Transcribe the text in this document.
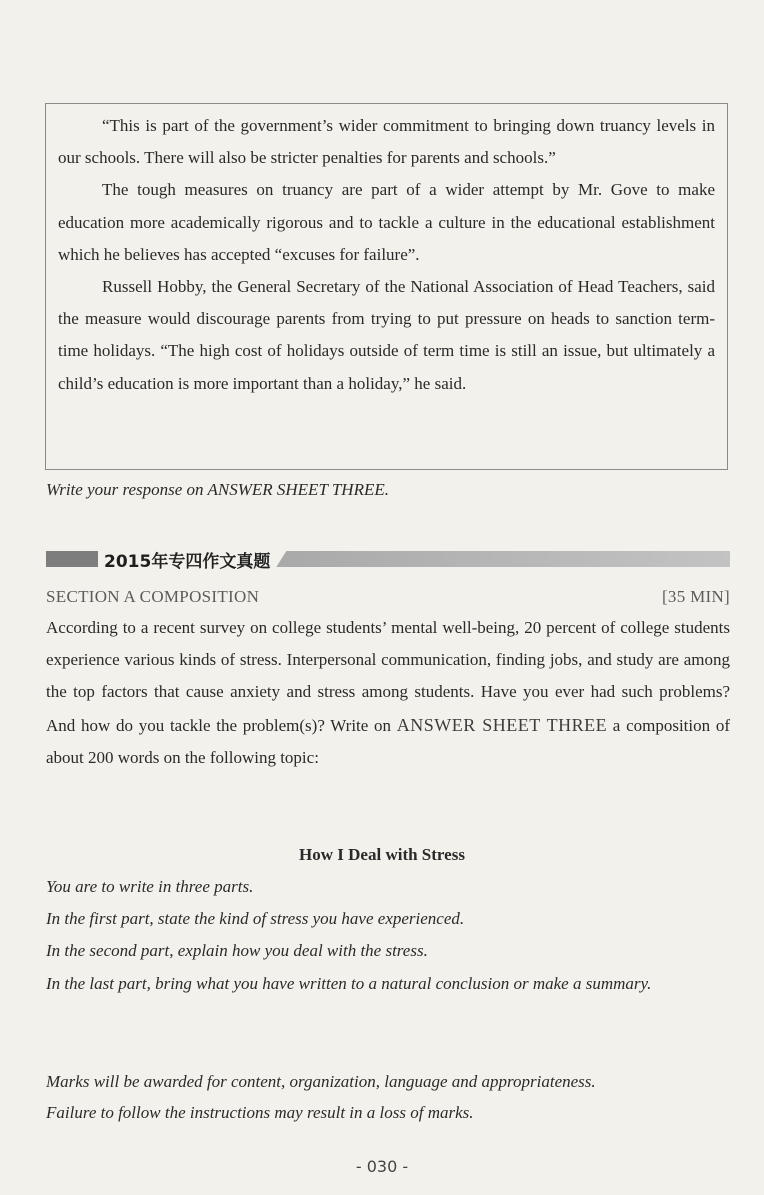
“This is part of the government’s wider commitment to bringing down truancy levels in our schools. There will also be stricter penalties for parents and schools.”

The tough measures on truancy are part of a wider attempt by Mr. Gove to make education more academically rigorous and to tackle a culture in the educational establishment which he believes has accepted “excuses for failure”.

Russell Hobby, the General Secretary of the National Association of Head Teachers, said the measure would discourage parents from trying to put pressure on heads to sanction term-time holidays. “The high cost of holidays outside of term time is still an issue, but ultimately a child’s education is more important than a holiday,” he said.

Write your response on ANSWER SHEET THREE.

2015年专四作文真题
SECTION A COMPOSITION	[35 MIN]

According to a recent survey on college students’ mental well-being, 20 percent of college students experience various kinds of stress. Interpersonal communication, finding jobs, and study are among the top factors that cause anxiety and stress among students. Have you ever had such problems? And how do you tackle the problem(s)? Write on ANSWER SHEET THREE a composition of about 200 words on the following topic:

How I Deal with Stress

You are to write in three parts.

In the first part, state the kind of stress you have experienced.

In the second part, explain how you deal with the stress.

In the last part, bring what you have written to a natural conclusion or make a summary.

Marks will be awarded for content, organization, language and appropriateness.

Failure to follow the instructions may result in a loss of marks.

- 030 -
